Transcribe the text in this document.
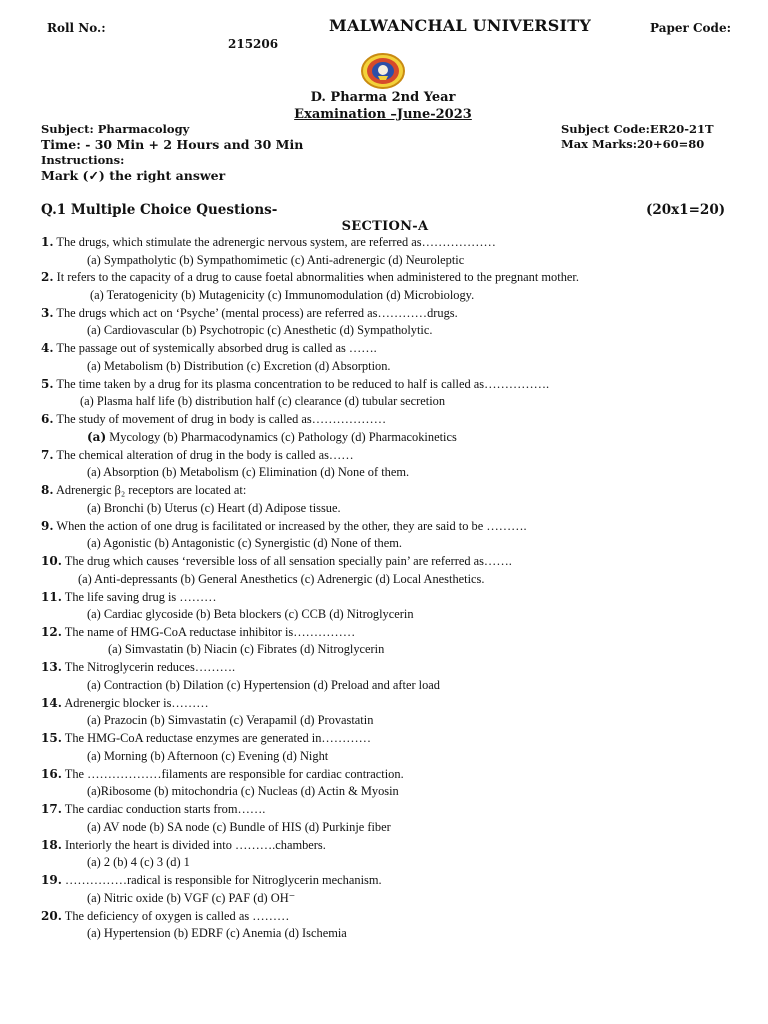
Roll No.:
215206
MALWANCHAL UNIVERSITY	Paper Code:
D. Pharma 2nd Year
Examination –June-2023
Subject: Pharmacology	Subject Code:ER20-21T
Time: - 30 Min + 2 Hours and 30 Min	Max Marks:20+60=80
Instructions:
Mark (✓) the right answer
Q.1 Multiple Choice Questions-	(20x1=20)
SECTION-A
1. The drugs, which stimulate the adrenergic nervous system, are referred as………………
(a) Sympatholytic (b) Sympathomimetic (c) Anti-adrenergic (d) Neuroleptic
2. It refers to the capacity of a drug to cause foetal abnormalities when administered to the pregnant mother.
(a) Teratogenicity (b) Mutagenicity (c) Immunomodulation (d) Microbiology.
3. The drugs which act on ‘Psyche’ (mental process) are referred as…………drugs.
(a) Cardiovascular (b) Psychotropic (c) Anesthetic (d) Sympatholytic.
4. The passage out of systemically absorbed drug is called as …….
(a) Metabolism (b) Distribution (c) Excretion (d) Absorption.
5. The time taken by a drug for its plasma concentration to be reduced to half is called as…………….
(a) Plasma half life (b) distribution half (c) clearance (d) tubular secretion
6. The study of movement of drug in body is called as………………
(a) Mycology (b) Pharmacodynamics (c) Pathology (d) Pharmacokinetics
7. The chemical alteration of drug in the body is called as……
(a) Absorption (b) Metabolism (c) Elimination (d) None of them.
8. Adrenergic β₂ receptors are located at:
(a) Bronchi (b) Uterus (c) Heart (d) Adipose tissue.
9. When the action of one drug is facilitated or increased by the other, they are said to be ……….
(a) Agonistic (b) Antagonistic (c) Synergistic (d) None of them.
10. The drug which causes ‘reversible loss of all sensation specially pain’ are referred as…….
(a) Anti-depressants (b) General Anesthetics (c) Adrenergic (d) Local Anesthetics.
11. The life saving drug is ………
(a) Cardiac glycoside (b) Beta blockers (c) CCB (d) Nitroglycerin
12. The name of HMG-CoA reductase inhibitor is……………
(a) Simvastatin (b) Niacin (c) Fibrates (d) Nitroglycerin
13. The Nitroglycerin reduces……….
(a) Contraction (b) Dilation (c) Hypertension (d) Preload and after load
14. Adrenergic blocker is………
(a) Prazocin (b) Simvastatin (c) Verapamil (d) Provastatin
15. The HMG-CoA reductase enzymes are generated in…………
(a) Morning (b) Afternoon (c) Evening (d) Night
16. The ………………filaments are responsible for cardiac contraction.
(a)Ribosome (b) mitochondria (c) Nucleas (d) Actin & Myosin
17. The cardiac conduction starts from…….
(a) AV node (b) SA node (c) Bundle of HIS (d) Purkinje fiber
18. Interiorly the heart is divided into ……….chambers.
(a) 2 (b) 4 (c) 3 (d) 1
19. ……………radical is responsible for Nitroglycerin mechanism.
(a) Nitric oxide (b) VGF (c) PAF (d) OH⁻
20. The deficiency of oxygen is called as ………
(a) Hypertension (b) EDRF (c) Anemia (d) Ischemia
